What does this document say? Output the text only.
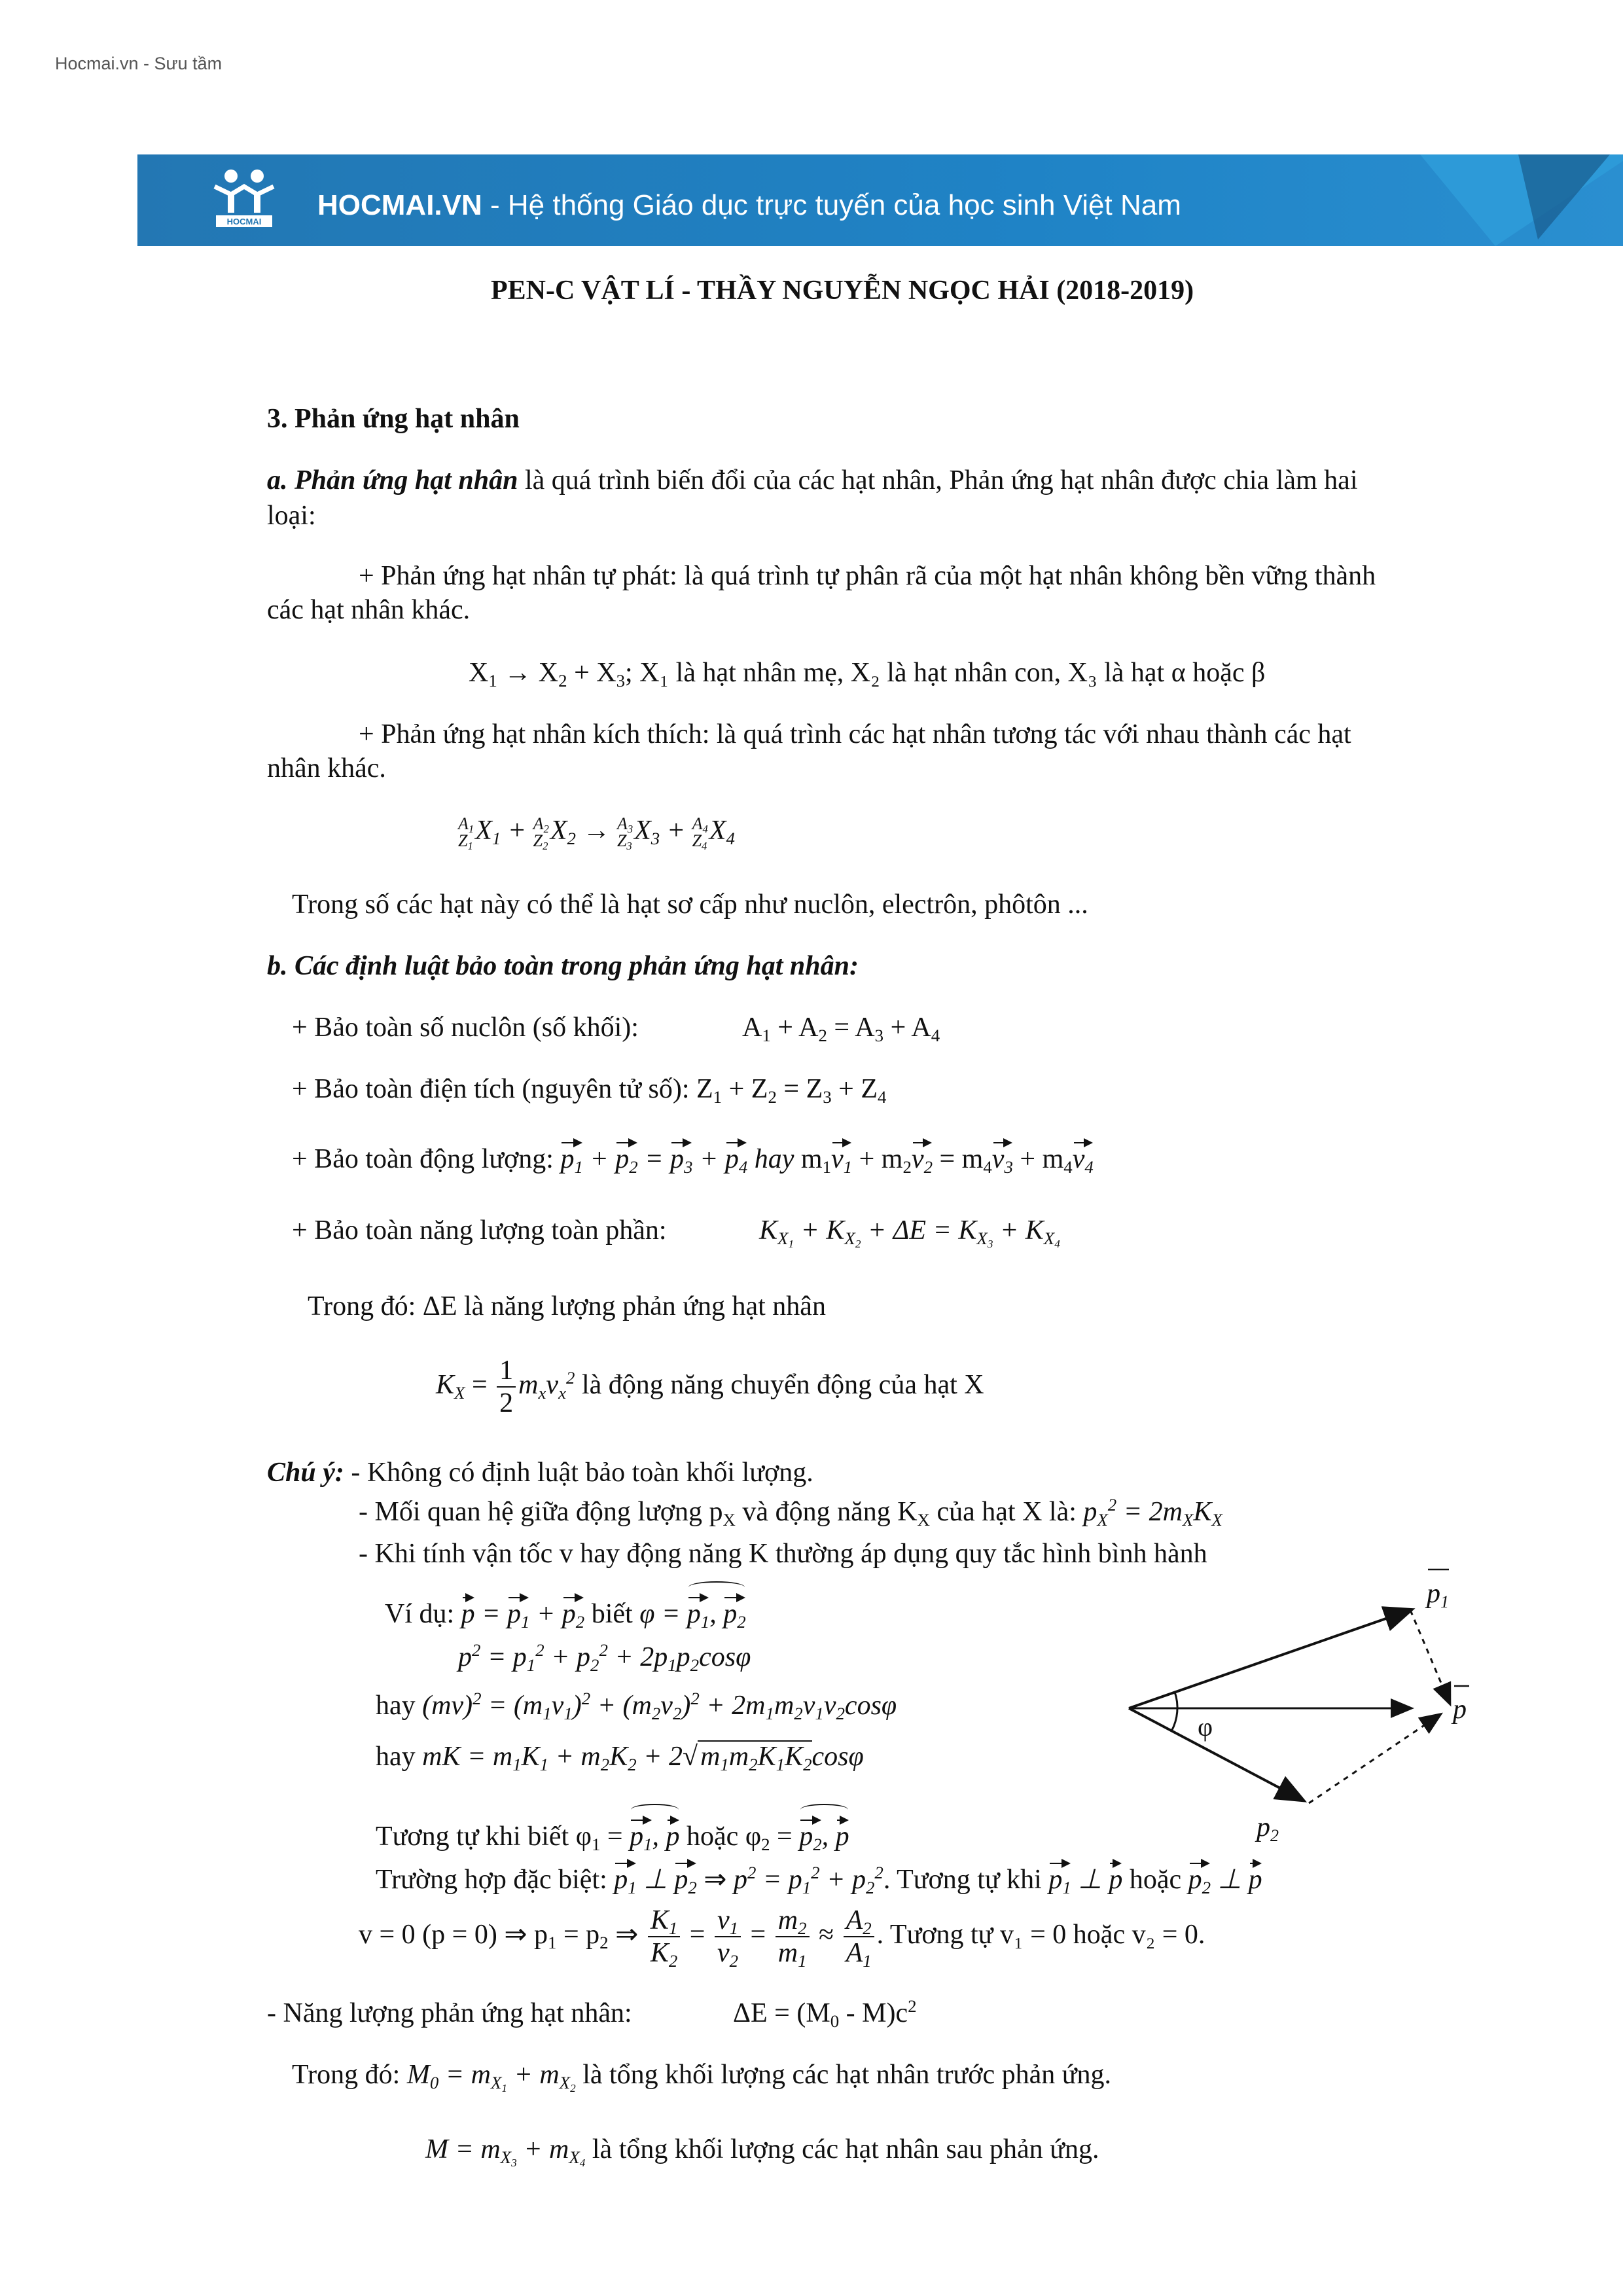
Hocmai.vn - Sưu tầm
HOCMAI
HOCMAI.VN - Hệ thống Giáo dục trực tuyến của học sinh Việt Nam
PEN-C VẬT LÍ - THẦY NGUYỄN NGỌC HẢI (2018-2019)
3. Phản ứng hạt nhân
a. Phản ứng hạt nhân là quá trình biến đổi của các hạt nhân, Phản ứng hạt nhân được chia làm hai
loại:
+ Phản ứng hạt nhân tự phát: là quá trình tự phân rã của một hạt nhân không bền vững thành
các hạt nhân khác.
$X_1 \to X_2 + X_3$; X₁ là hạt nhân mẹ, X₂ là hạt nhân con, X₃ là hạt α hoặc β
+ Phản ứng hạt nhân kích thích: là quá trình các hạt nhân tương tác với nhau thành các hạt
nhân khác.
$A_1$
$Z_1$
$X_1 + A_2$
$Z_2$
$X_2 \to A_3$
$Z_3$
$X_3 + A_4$
$Z_4$
$X_4$
Trong số các hạt này có thể là hạt sơ cấp như nuclôn, electrôn, phôtôn ...
b. Các định luật bảo toàn trong phản ứng hạt nhân:
+ Bảo toàn số nuclôn (số khối):	$A_1 + A_2 = A_3 + A_4$
+ Bảo toàn điện tích (nguyên tử số): $Z_1 + Z_2 = Z_3 + Z_4$
+ Bảo toàn động lượng: $p_1 + p_2 = p_3 + p_4$ hay $m_1v_1 + m_2v_2 = m_4v_3 + m_4v_4$
+ Bảo toàn năng lượng toàn phần:	$K_{X_1} + K_{X_2} + \Delta E = K_{X_3} + K_{X_4}$
Trong đó: ΔE là năng lượng phản ứng hạt nhân
$K_X = \frac{1}{2} m_xv_x^2$ là động năng chuyển động của hạt X
Chú ý: - Không có định luật bảo toàn khối lượng.
- Mối quan hệ giữa động lượng $p_X$ và động năng $K_X$ của hạt X là: $p_X^2 = 2m_XK_X$
- Khi tính vận tốc v hay động năng K thường áp dụng quy tắc hình bình hành
Ví dụ: $p = p_1 + p_2$ biết $\varphi = p_1$, $p_2$
$p^2 = p_1^2 + p_2^2 + 2p_1p_2\cos\varphi$
hay $(mv)^2 = (m_1v_1)^2 + (m_2v_2)^2 + 2m_1m_2v_1v_2\cos\varphi$
hay mK = $m_1K_1 + m_2K_2 + 2√m_1m_2K_1K_2\cos\varphi$
Tương tự khi biết $\varphi_1 = p_1$, p hoặc $\varphi_2 = p_2$, p
Trường hợp đặc biệt: $p_1$ ⊥ $p_2$ ⇒ $p^2 = p_1^2 + p_2^2$. Tương tự khi $p_1$ ⊥ p hoặc $p_2$ ⊥ p
v = 0 (p = 0) ⇒ $p_1 = p_2$ ⇒ $\frac{K_1}{K_2} = \frac{v_1}{v_2} = \frac{m_2}{m_1} \approx \frac{A_2}{A_1}$ . Tương tự v₁ = 0 hoặc v₂ = 0.
- Năng lượng phản ứng hạt nhân:	$\Delta E = (M_0 - M)c^2$
Trong đó: $M_0 = m_{X_1} + m_{X_2}$ là tổng khối lượng các hạt nhân trước phản ứng.
$M = m_{X_3} + m_{X_4}$ là tổng khối lượng các hạt nhân sau phản ứng.
φ
p1
p
p2
